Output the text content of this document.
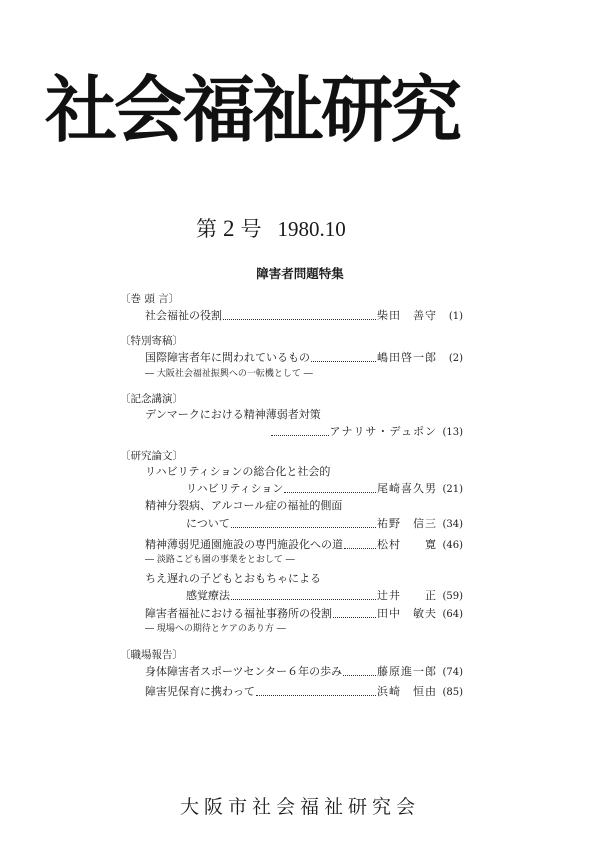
社会福祉研究
第 2 号 1980.10
障害者問題特集
〔巻 頭 言〕
社会福祉の役割	柴田　善守	(1)
〔特別寄稿〕
国際障害者年に問われているもの	嶋田啓一郎	(2)
― 大阪社会福祉振興への一転機として ―
〔記念講演〕
デンマークにおける精神薄弱者対策
アナリサ・デュポン (13)
〔研究論文〕
リハビリティションの総合化と社会的
リハビリティション	尾崎喜久男 (21)
精神分裂病、アルコール症の福祉的側面
について	祐野　信三 (34)
精神薄弱児通園施設の専門施設化への道	松村　　寛 (46)
― 淡路こども園の事業をとおして ―
ちえ遅れの子どもとおもちゃによる
感覚療法	辻井　　正 (59)
障害者福祉における福祉事務所の役割	田中　敏夫 (64)
― 現場への期待とケアのあり方 ―
〔職場報告〕
身体障害者スポーツセンター６年の歩み	藤原進一郎 (74)
障害児保育に携わって	浜崎　恒由 (85)
大阪市社会福祉研究会
